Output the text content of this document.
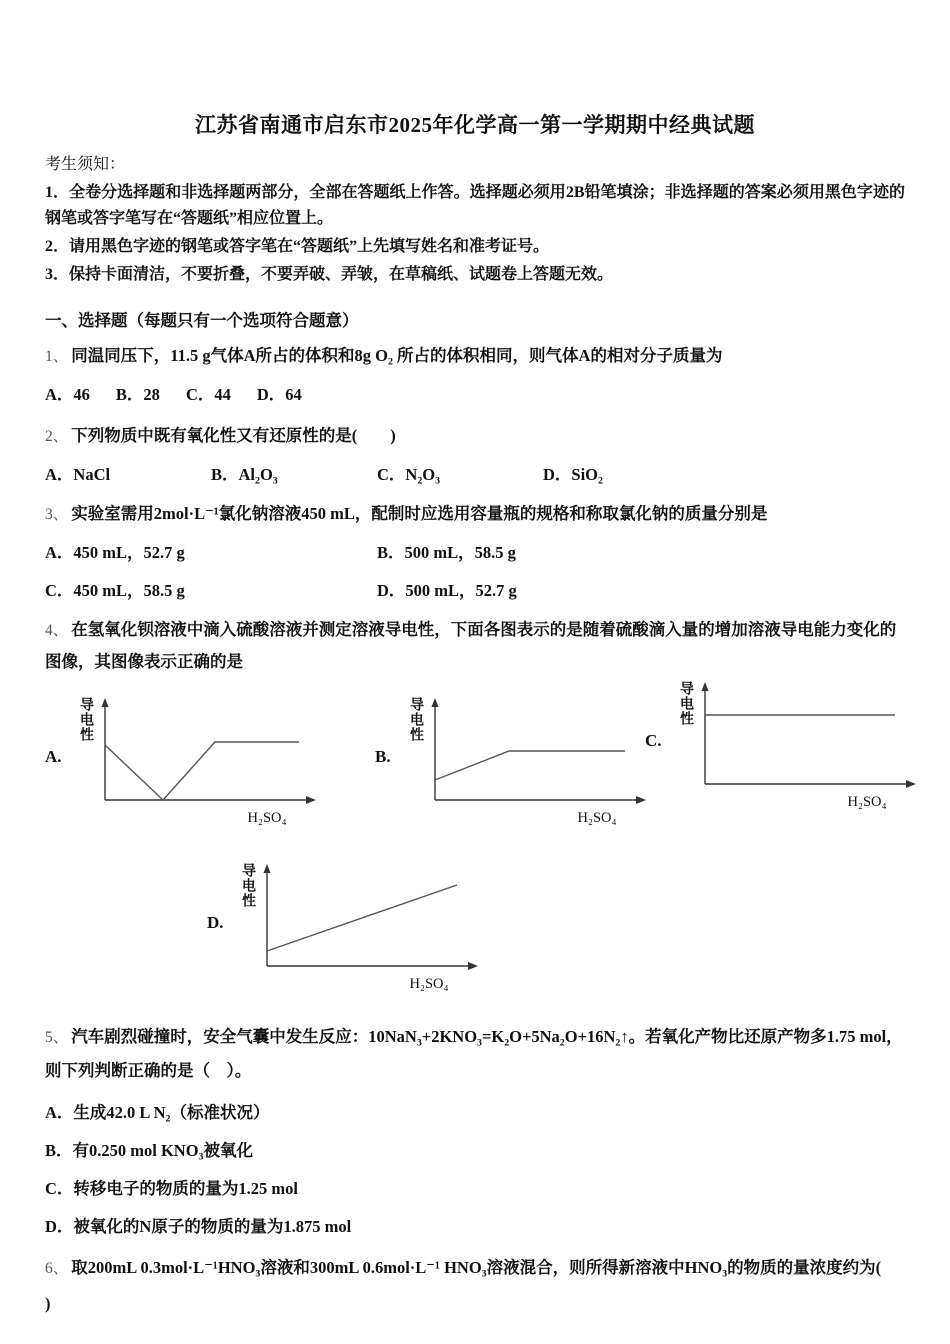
江苏省南通市启东市2025年化学高一第一学期期中经典试题
考生须知：
1．全卷分选择题和非选择题两部分，全部在答题纸上作答。选择题必须用2B铅笔填涂；非选择题的答案必须用黑色字迹的钢笔或答字笔写在“答题纸”相应位置上。
2．请用黑色字迹的钢笔或答字笔在“答题纸”上先填写姓名和准考证号。
3．保持卡面清洁，不要折叠，不要弄破、弄皱，在草稿纸、试题卷上答题无效。
一、选择题（每题只有一个选项符合题意）
1、 同温同压下，11.5 g气体A所占的体积和8g O₂ 所占的体积相同，则气体A的相对分子质量为
A．46 B．28 C．44 D．64
2、 下列物质中既有氧化性又有还原性的是(　　)
A．NaCl	B．Al₂O₃	C．N₂O₃	D．SiO₂
3、 实验室需用2mol·L⁻¹氯化钠溶液450 mL，配制时应选用容量瓶的规格和称取氯化钠的质量分别是
A．450 mL，52.7 g	B．500 mL，58.5 g
C．450 mL，58.5 g	D．500 mL，52.7 g
4、 在氢氧化钡溶液中滴入硫酸溶液并测定溶液导电性，下面各图表示的是随着硫酸滴入量的增加溶液导电能力变化的
图像，其图像表示正确的是
A.
导电性
H₂SO₄
B.
导电性
H₂SO₄
C.
导电性
H₂SO₄
D.
导电性
H₂SO₄
5、 汽车剧烈碰撞时，安全气囊中发生反应：10NaN₃+2KNO₃=K₂O+5Na₂O+16N₂↑。若氧化产物比还原产物多1.75 mol，
则下列判断正确的是（　）。
A．生成42.0 L N₂（标准状况）
B．有0.250 mol KNO₃被氧化
C．转移电子的物质的量为1.25 mol
D．被氧化的N原子的物质的量为1.875 mol
6、 取200mL 0.3mol·L⁻¹HNO₃溶液和300mL 0.6mol·L⁻¹ HNO₃溶液混合，则所得新溶液中HNO₃的物质的量浓度约为(
)
